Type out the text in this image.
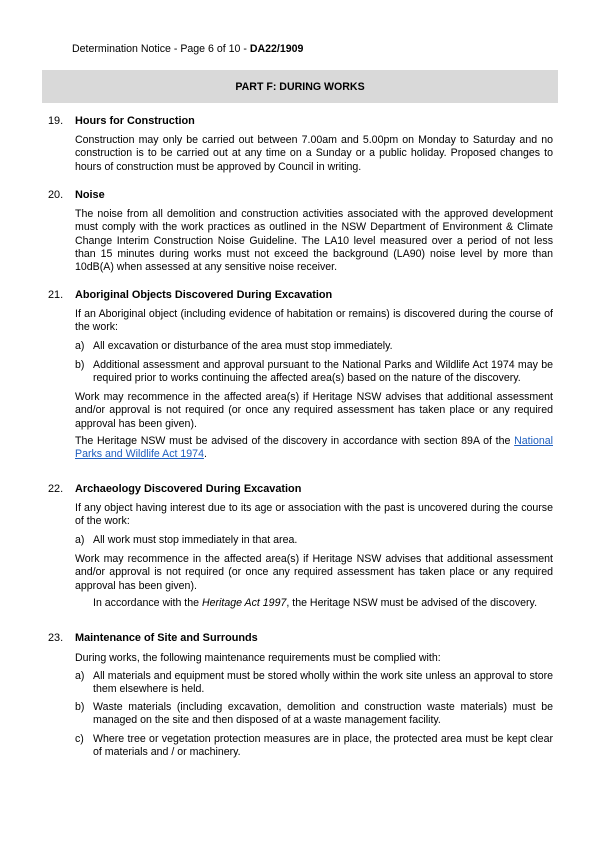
Determination Notice - Page 6 of 10 - DA22/1909
PART F: DURING WORKS
19. Hours for Construction
Construction may only be carried out between 7.00am and 5.00pm on Monday to Saturday and no construction is to be carried out at any time on a Sunday or a public holiday. Proposed changes to hours of construction must be approved by Council in writing.
20. Noise
The noise from all demolition and construction activities associated with the approved development must comply with the work practices as outlined in the NSW Department of Environment & Climate Change Interim Construction Noise Guideline. The LA10 level measured over a period of not less than 15 minutes during works must not exceed the background (LA90) noise level by more than 10dB(A) when assessed at any sensitive noise receiver.
21. Aboriginal Objects Discovered During Excavation
If an Aboriginal object (including evidence of habitation or remains) is discovered during the course of the work:
a) All excavation or disturbance of the area must stop immediately.
b) Additional assessment and approval pursuant to the National Parks and Wildlife Act 1974 may be required prior to works continuing the affected area(s) based on the nature of the discovery.
Work may recommence in the affected area(s) if Heritage NSW advises that additional assessment and/or approval is not required (or once any required assessment has taken place or any required approval has been given).
The Heritage NSW must be advised of the discovery in accordance with section 89A of the National Parks and Wildlife Act 1974.
22. Archaeology Discovered During Excavation
If any object having interest due to its age or association with the past is uncovered during the course of the work:
a) All work must stop immediately in that area.
Work may recommence in the affected area(s) if Heritage NSW advises that additional assessment and/or approval is not required (or once any required assessment has taken place or any required approval has been given).
In accordance with the Heritage Act 1997, the Heritage NSW must be advised of the discovery.
23. Maintenance of Site and Surrounds
During works, the following maintenance requirements must be complied with:
a) All materials and equipment must be stored wholly within the work site unless an approval to store them elsewhere is held.
b) Waste materials (including excavation, demolition and construction waste materials) must be managed on the site and then disposed of at a waste management facility.
c) Where tree or vegetation protection measures are in place, the protected area must be kept clear of materials and / or machinery.
